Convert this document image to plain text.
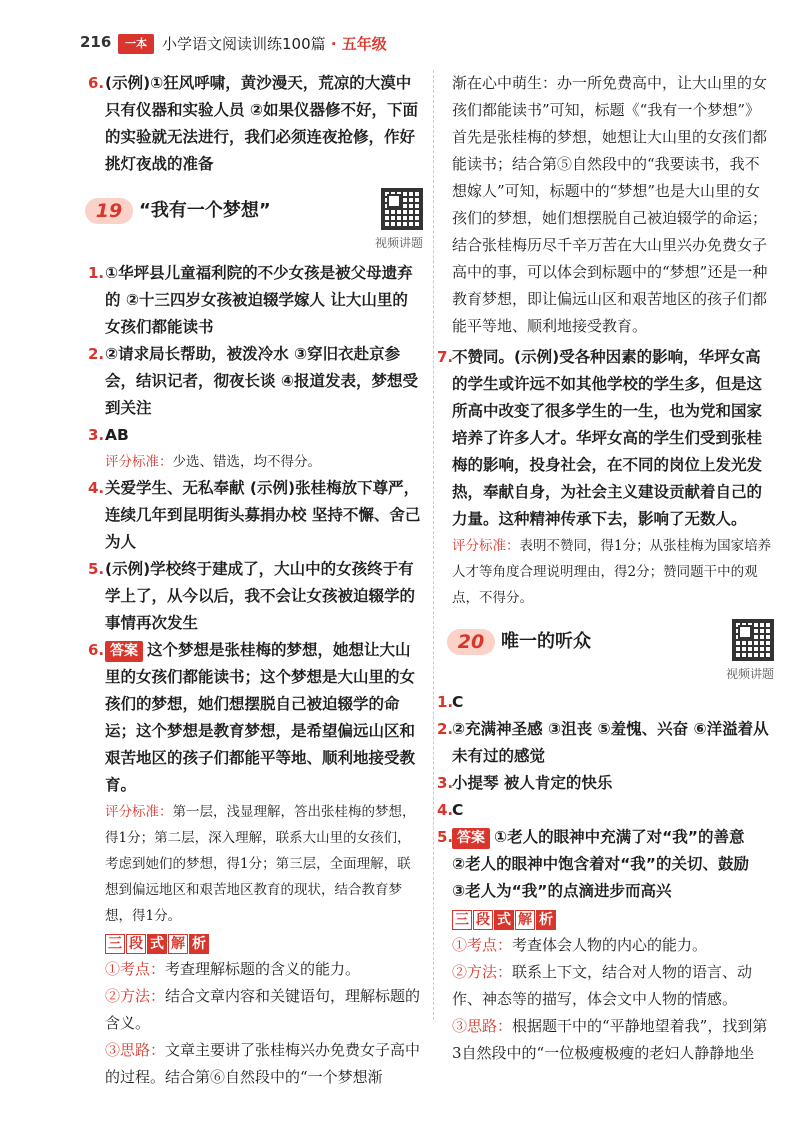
216	一本	小学语文阅读训练100篇 · 五年级
6. (示例)①狂风呼啸，黄沙漫天，荒凉的大漠中只有仪器和实验人员 ②如果仪器修不好，下面的实验就无法进行，我们必须连夜抢修，作好挑灯夜战的准备
19 “我有一个梦想”
视频讲题
1. ①华坪县儿童福利院的不少女孩是被父母遗弃的 ②十三四岁女孩被迫辍学嫁人 让大山里的女孩们都能读书
2. ②请求局长帮助，被泼冷水 ③穿旧衣赴京参会，结识记者，彻夜长谈 ④报道发表，梦想受到关注
3. AB
评分标准：少选、错选，均不得分。
4. 关爱学生、无私奉献 (示例)张桂梅放下尊严，连续几年到昆明街头募捐办校 坚持不懈、舍己为人
5. (示例)学校终于建成了，大山中的女孩终于有学上了，从今以后，我不会让女孩被迫辍学的事情再次发生
6. 答案 这个梦想是张桂梅的梦想，她想让大山里的女孩们都能读书；这个梦想是大山里的女孩们的梦想，她们想摆脱自己被迫辍学的命运；这个梦想是教育梦想，是希望偏远山区和艰苦地区的孩子们都能平等地、顺利地接受教育。
评分标准：第一层，浅显理解，答出张桂梅的梦想，得1分；第二层，深入理解，联系大山里的女孩们，考虑到她们的梦想，得1分；第三层，全面理解，联想到偏远地区和艰苦地区教育的现状，结合教育梦想，得1分。
三 段 式 解 析
①考点：考查理解标题的含义的能力。
②方法：结合文章内容和关键语句，理解标题的含义。
③思路：文章主要讲了张桂梅兴办免费女子高中的过程。结合第⑥自然段中的“一个梦想渐
渐在心中萌生：办一所免费高中，让大山里的女孩们都能读书”可知，标题《“我有一个梦想”》首先是张桂梅的梦想，她想让大山里的女孩们都能读书；结合第⑤自然段中的“我要读书，我不想嫁人”可知，标题中的“梦想”也是大山里的女孩们的梦想，她们想摆脱自己被迫辍学的命运；结合张桂梅历尽千辛万苦在大山里兴办免费女子高中的事，可以体会到标题中的“梦想”还是一种教育梦想，即让偏远山区和艰苦地区的孩子们都能平等地、顺利地接受教育。
7.
不赞同。(示例)受各种因素的影响，华坪女高的学生或许远不如其他学校的学生多，但是这所高中改变了很多学生的一生，也为党和国家培养了许多人才。华坪女高的学生们受到张桂梅的影响，投身社会，在不同的岗位上发光发热，奉献自身，为社会主义建设贡献着自己的力量。这种精神传承下去，影响了无数人。
评分标准：表明不赞同，得1分；从张桂梅为国家培养人才等角度合理说明理由，得2分；赞同题干中的观点，不得分。
20 唯一的听众
视频讲题
1.
C
2.
②充满神圣感 ③沮丧 ⑤羞愧、兴奋 ⑥洋溢着从未有过的感觉
3.
小提琴 被人肯定的快乐
4.
C
5. 答案 ①老人的眼神中充满了对“我”的善意
②老人的眼神中饱含着对“我”的关切、鼓励
③老人为“我”的点滴进步而高兴
三 段 式 解 析
①考点：考查体会人物的内心的能力。
②方法：联系上下文，结合对人物的语言、动作、神态等的描写，体会文中人物的情感。
③思路：根据题干中的“平静地望着我”，找到第3自然段中的“一位极瘦极瘦的老妇人静静地坐
